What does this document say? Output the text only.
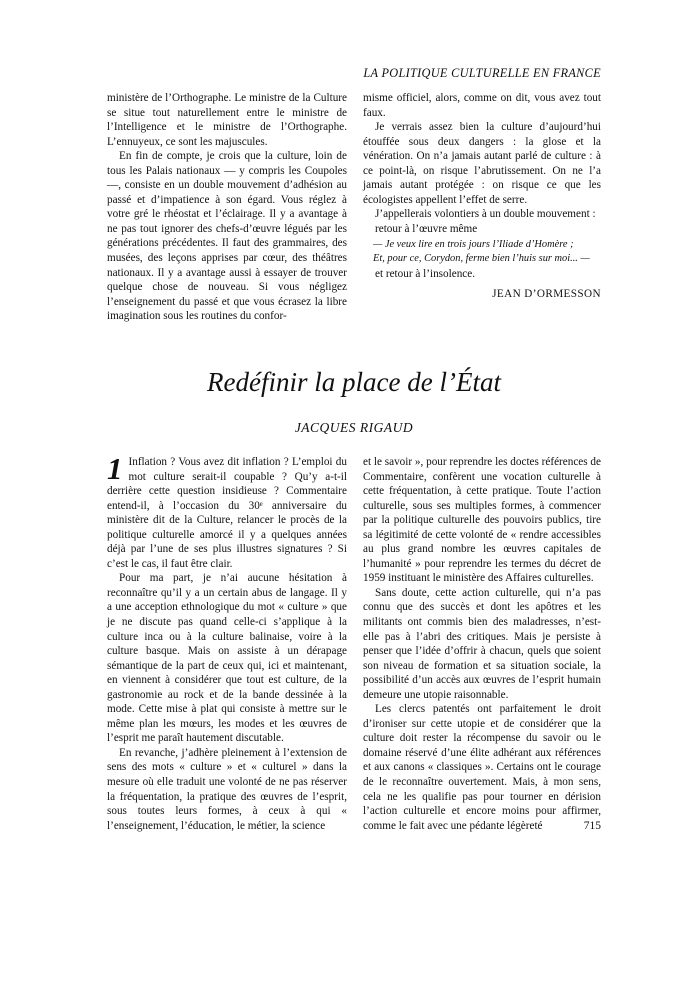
LA POLITIQUE CULTURELLE EN FRANCE

ministère de l’Orthographe. Le ministre de la Culture se situe tout naturellement entre le ministre de l’Intelligence et le ministre de l’Orthographe. L’ennuyeux, ce sont les majuscules.

En fin de compte, je crois que la culture, loin de tous les Palais nationaux — y compris les Coupoles —, consiste en un double mouvement d’adhésion au passé et d’impatience à son égard. Vous réglez à votre gré le rhéostat et l’éclairage. Il y a avantage à ne pas tout ignorer des chefs-d’œuvre légués par les générations précédentes. Il faut des grammaires, des musées, des leçons apprises par cœur, des théâtres nationaux. Il y a avantage aussi à essayer de trouver quelque chose de nouveau. Si vous négligez l’enseignement du passé et que vous écrasez la libre imagination sous les routines du confor-

misme officiel, alors, comme on dit, vous avez tout faux.

Je verrais assez bien la culture d’aujourd’hui étouffée sous deux dangers : la glose et la vénération. On n’a jamais autant parlé de culture : à ce point-là, on risque l’abrutissement. On ne l’a jamais autant protégée : on risque ce que les écologistes appellent l’effet de serre.

J’appellerais volontiers à un double mouvement :

retour à l’œuvre même

— Je veux lire en trois jours l’Iliade d’Homère ;
Et, pour ce, Corydon, ferme bien l’huis sur moi... —

et retour à l’insolence.

JEAN D’ORMESSON

Redéfinir la place de l’État
JACQUES RIGAUD

1 Inflation ? Vous avez dit inflation ? L’emploi du mot culture serait-il coupable ? Qu’y a-t-il derrière cette question insidieuse ? Commentaire entend-il, à l’occasion du 30ᵉ anniversaire du ministère dit de la Culture, relancer le procès de la politique culturelle amorcé il y a quelques années déjà par l’une de ses plus illustres signatures ? Si c’est le cas, il faut être clair.

Pour ma part, je n’ai aucune hésitation à reconnaître qu’il y a un certain abus de langage. Il y a une acception ethnologique du mot « culture » que je ne discute pas quand celle-ci s’applique à la culture inca ou à la culture balinaise, voire à la culture basque. Mais on assiste à un dérapage sémantique de la part de ceux qui, ici et maintenant, en viennent à considérer que tout est culture, de la gastronomie au rock et de la bande dessinée à la mode. Cette mise à plat qui consiste à mettre sur le même plan les mœurs, les modes et les œuvres de l’esprit me paraît hautement discutable.

En revanche, j’adhère pleinement à l’extension de sens des mots « culture » et « culturel » dans la mesure où elle traduit une volonté de ne pas réserver la fréquentation, la pratique des œuvres de l’esprit, sous toutes leurs formes, à ceux à qui « l’enseignement, l’éducation, le métier, la science

et le savoir », pour reprendre les doctes références de Commentaire, confèrent une vocation culturelle à cette fréquentation, à cette pratique. Toute l’action culturelle, sous ses multiples formes, à commencer par la politique culturelle des pouvoirs publics, tire sa légitimité de cette volonté de « rendre accessibles au plus grand nombre les œuvres capitales de l’humanité » pour reprendre les termes du décret de 1959 instituant le ministère des Affaires culturelles.

Sans doute, cette action culturelle, qui n’a pas connu que des succès et dont les apôtres et les militants ont commis bien des maladresses, n’est-elle pas à l’abri des critiques. Mais je persiste à penser que l’idée d’offrir à chacun, quels que soient son niveau de formation et sa situation sociale, la possibilité d’un accès aux œuvres de l’esprit humain demeure une utopie raisonnable.

Les clercs patentés ont parfaitement le droit d’ironiser sur cette utopie et de considérer que la culture doit rester la récompense du savoir ou le domaine réservé d’une élite adhérant aux références et aux canons « classiques ». Certains ont le courage de le reconnaître ouvertement. Mais, à mon sens, cela ne les qualifie pas pour tourner en dérision l’action culturelle et encore moins pour affirmer, comme le fait avec une pédante légèreté	715
